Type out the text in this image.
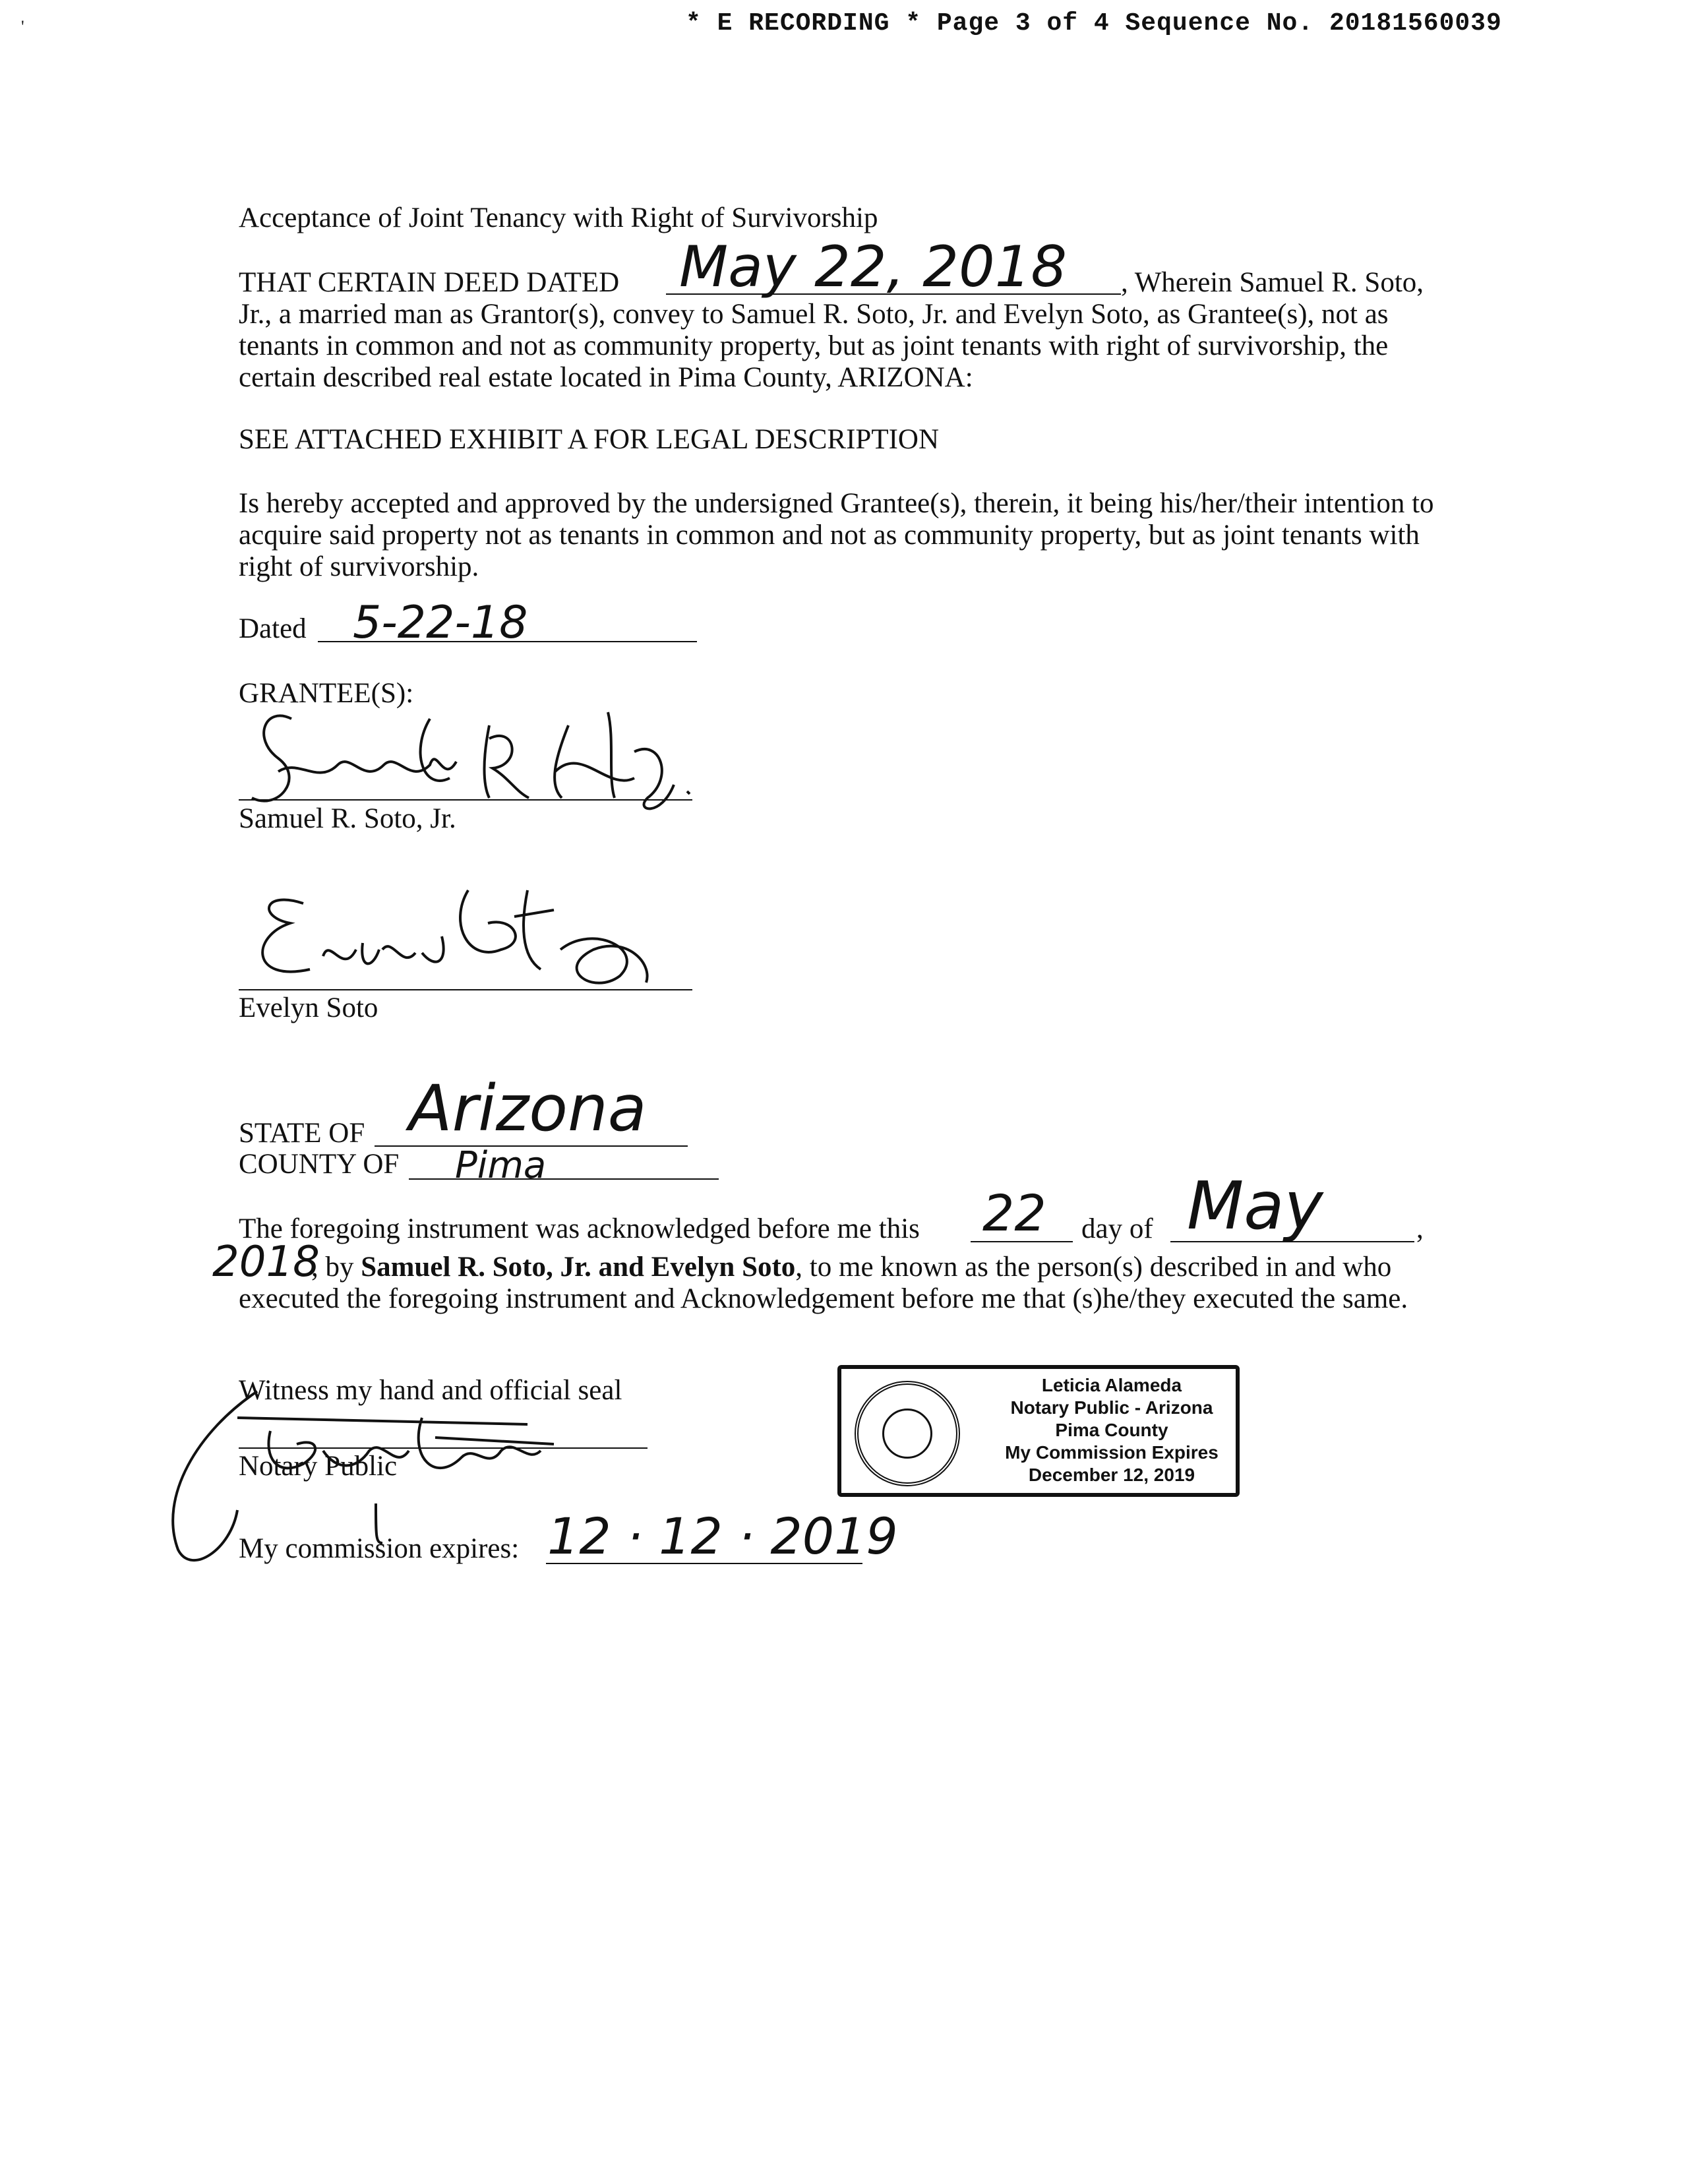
'	* E RECORDING * Page 3 of 4 Sequence No. 20181560039
Acceptance of Joint Tenancy with Right of Survivorship
THAT CERTAIN DEED DATED May 22, 2018 , Wherein Samuel R. Soto,
Jr., a married man as Grantor(s), convey to Samuel R. Soto, Jr. and Evelyn Soto, as Grantee(s), not as tenants in common and not as community property, but as joint tenants with right of survivorship, the certain described real estate located in Pima County, ARIZONA:
SEE ATTACHED EXHIBIT A FOR LEGAL DESCRIPTION
Is hereby accepted and approved by the undersigned Grantee(s), therein, it being his/her/their intention to acquire said property not as tenants in common and not as community property, but as joint tenants with right of survivorship.
Dated 5-22-18
GRANTEE(S):
Samuel R. Soto, Jr.
Evelyn Soto
STATE OF Arizona
COUNTY OF Pima
The foregoing instrument was acknowledged before me this 22 day of May	,
2018, by Samuel R. Soto, Jr. and Evelyn Soto, to me known as the person(s) described in and who executed the foregoing instrument and Acknowledgement before me that (s)he/they executed the same.
Witness my hand and official seal
Notary Public
My commission expires: 12 · 12 · 2019
Leticia Alameda
Notary Public - Arizona
Pima County
My Commission Expires
December 12, 2019
